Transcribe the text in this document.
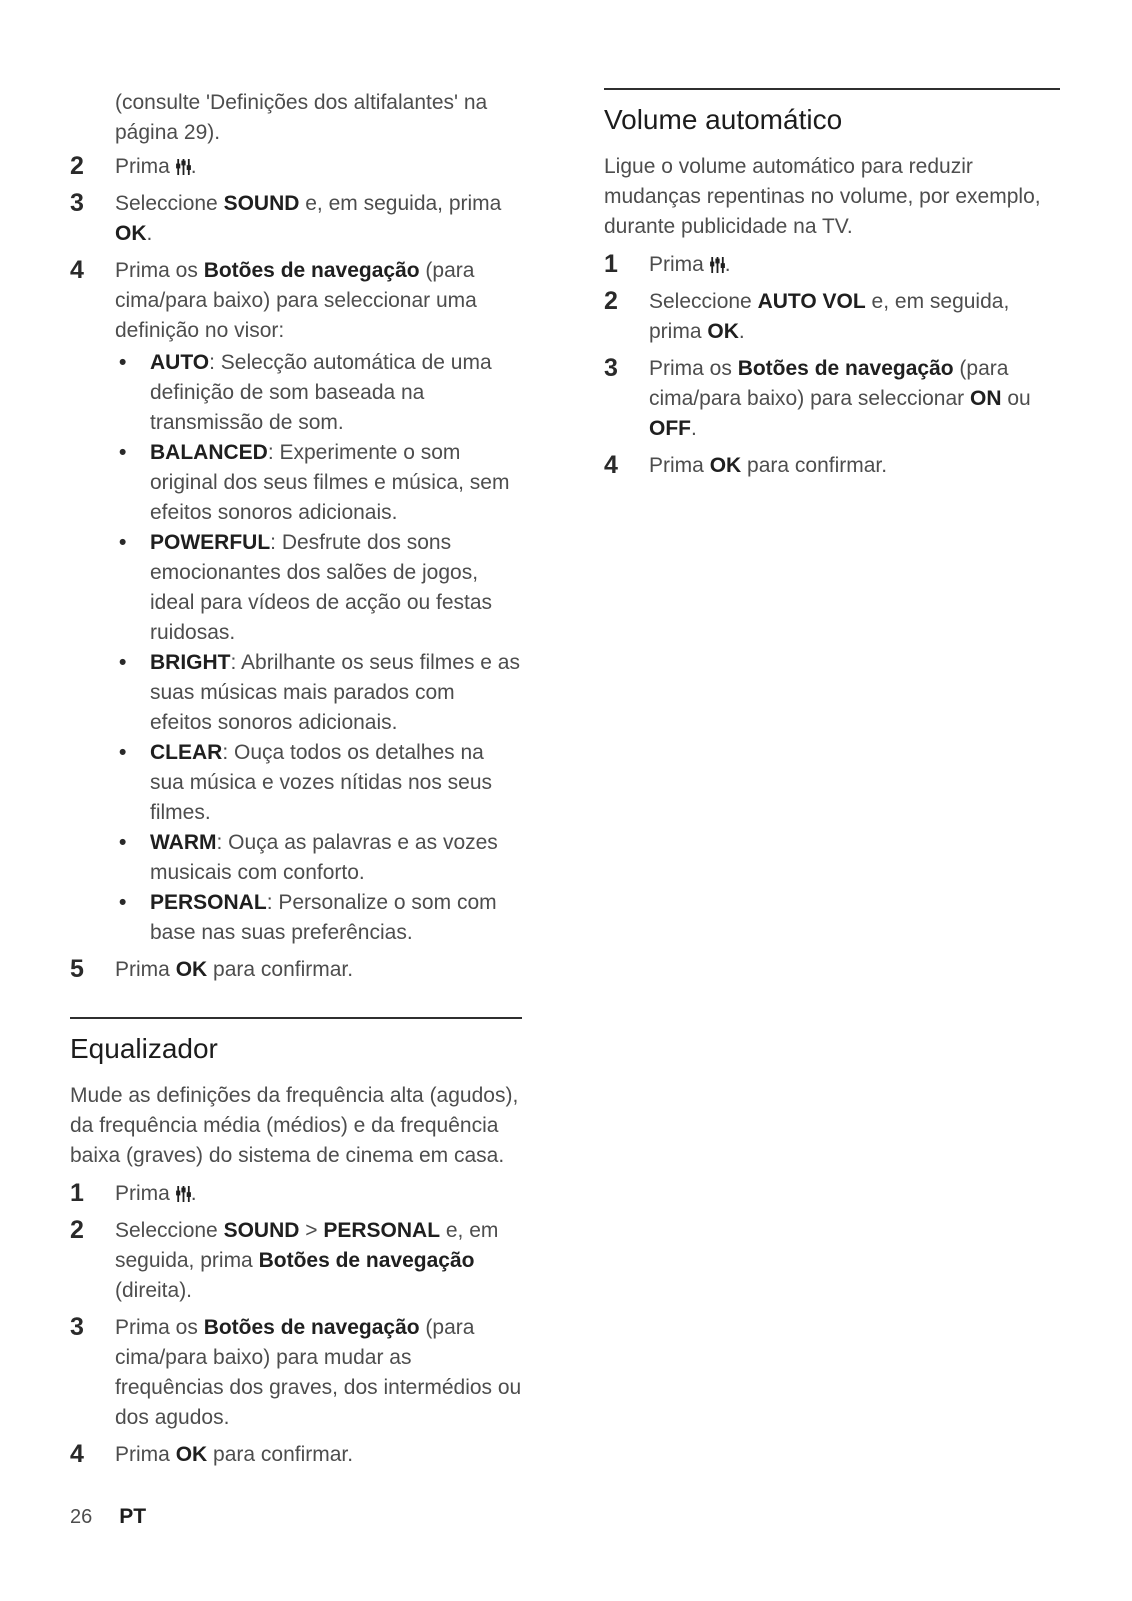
(consulte 'Definições dos altifalantes' na página 29).

2	Prima .
3	Seleccione SOUND e, em seguida, prima OK.
4	Prima os Botões de navegação (para cima/para baixo) para seleccionar uma definição no visor:
•	AUTO: Selecção automática de uma definição de som baseada na transmissão de som.
•	BALANCED: Experimente o som original dos seus filmes e música, sem efeitos sonoros adicionais.
•	POWERFUL: Desfrute dos sons emocionantes dos salões de jogos, ideal para vídeos de acção ou festas ruidosas.
•	BRIGHT: Abrilhante os seus filmes e as suas músicas mais parados com efeitos sonoros adicionais.
•	CLEAR: Ouça todos os detalhes na sua música e vozes nítidas nos seus filmes.
•	WARM: Ouça as palavras e as vozes musicais com conforto.
•	PERSONAL: Personalize o som com base nas suas preferências.
5	Prima OK para confirmar.
Equalizador

Mude as definições da frequência alta (agudos), da frequência média (médios) e da frequência baixa (graves) do sistema de cinema em casa.

1	Prima .
2	Seleccione SOUND > PERSONAL e, em seguida, prima Botões de navegação (direita).
3	Prima os Botões de navegação (para cima/para baixo) para mudar as frequências dos graves, dos intermédios ou dos agudos.
4	Prima OK para confirmar.
Volume automático

Ligue o volume automático para reduzir mudanças repentinas no volume, por exemplo, durante publicidade na TV.

1	Prima .
2	Seleccione AUTO VOL e, em seguida, prima OK.
3	Prima os Botões de navegação (para cima/para baixo) para seleccionar ON ou OFF.
4	Prima OK para confirmar.
26 PT
